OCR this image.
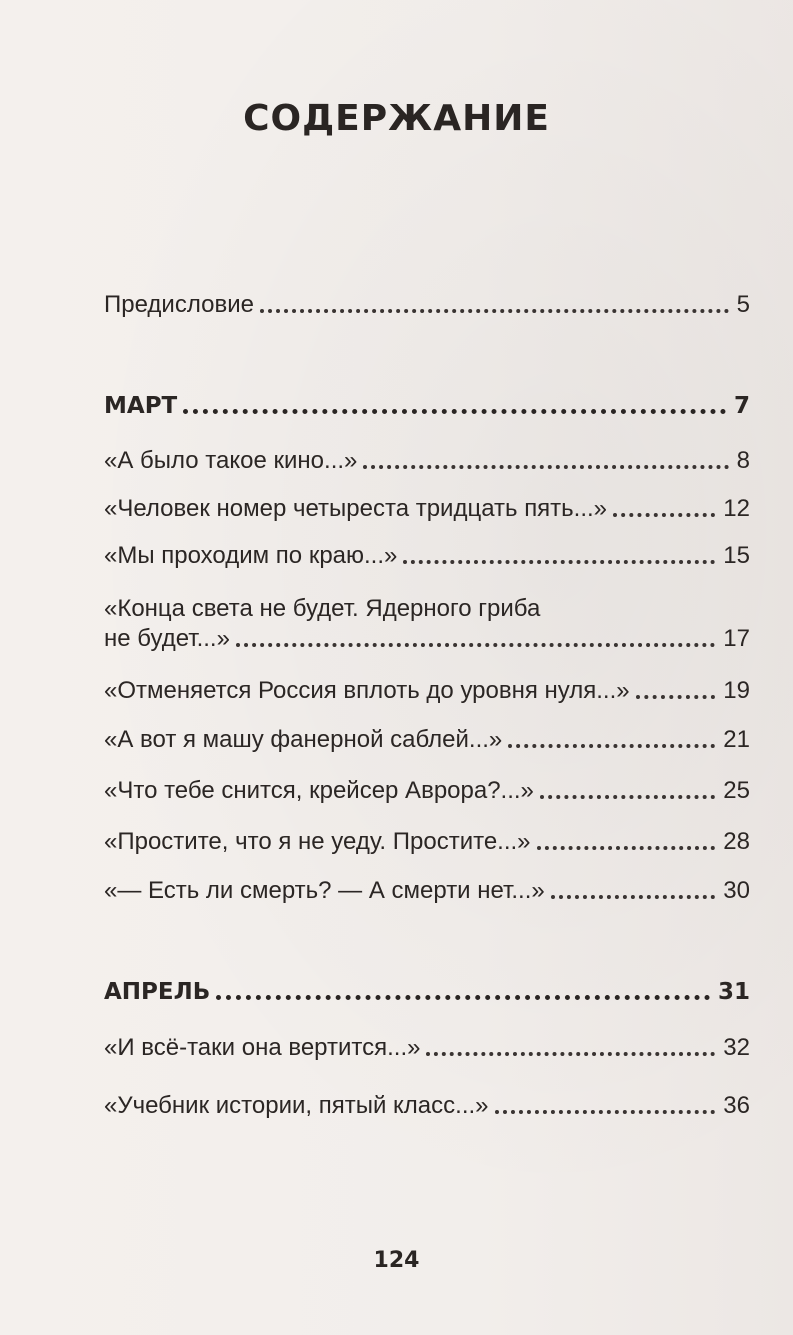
СОДЕРЖАНИЕ
Предисловие	5
МАРТ	7
«А было такое кино...»	8
«Человек номер четыреста тридцать пять...»	12
«Мы проходим по краю...»	15
«Конца света не будет. Ядерного гриба
не будет...»	17
«Отменяется Россия вплоть до уровня нуля...»	19
«А вот я машу фанерной саблей...»	21
«Что тебе снится, крейсер Аврора?...»	25
«Простите, что я не уеду. Простите...»	28
«— Есть ли смерть? — А смерти нет...»	30
АПРЕЛЬ	31
«И всё-таки она вертится...»	32
«Учебник истории, пятый класс...»	36
124
